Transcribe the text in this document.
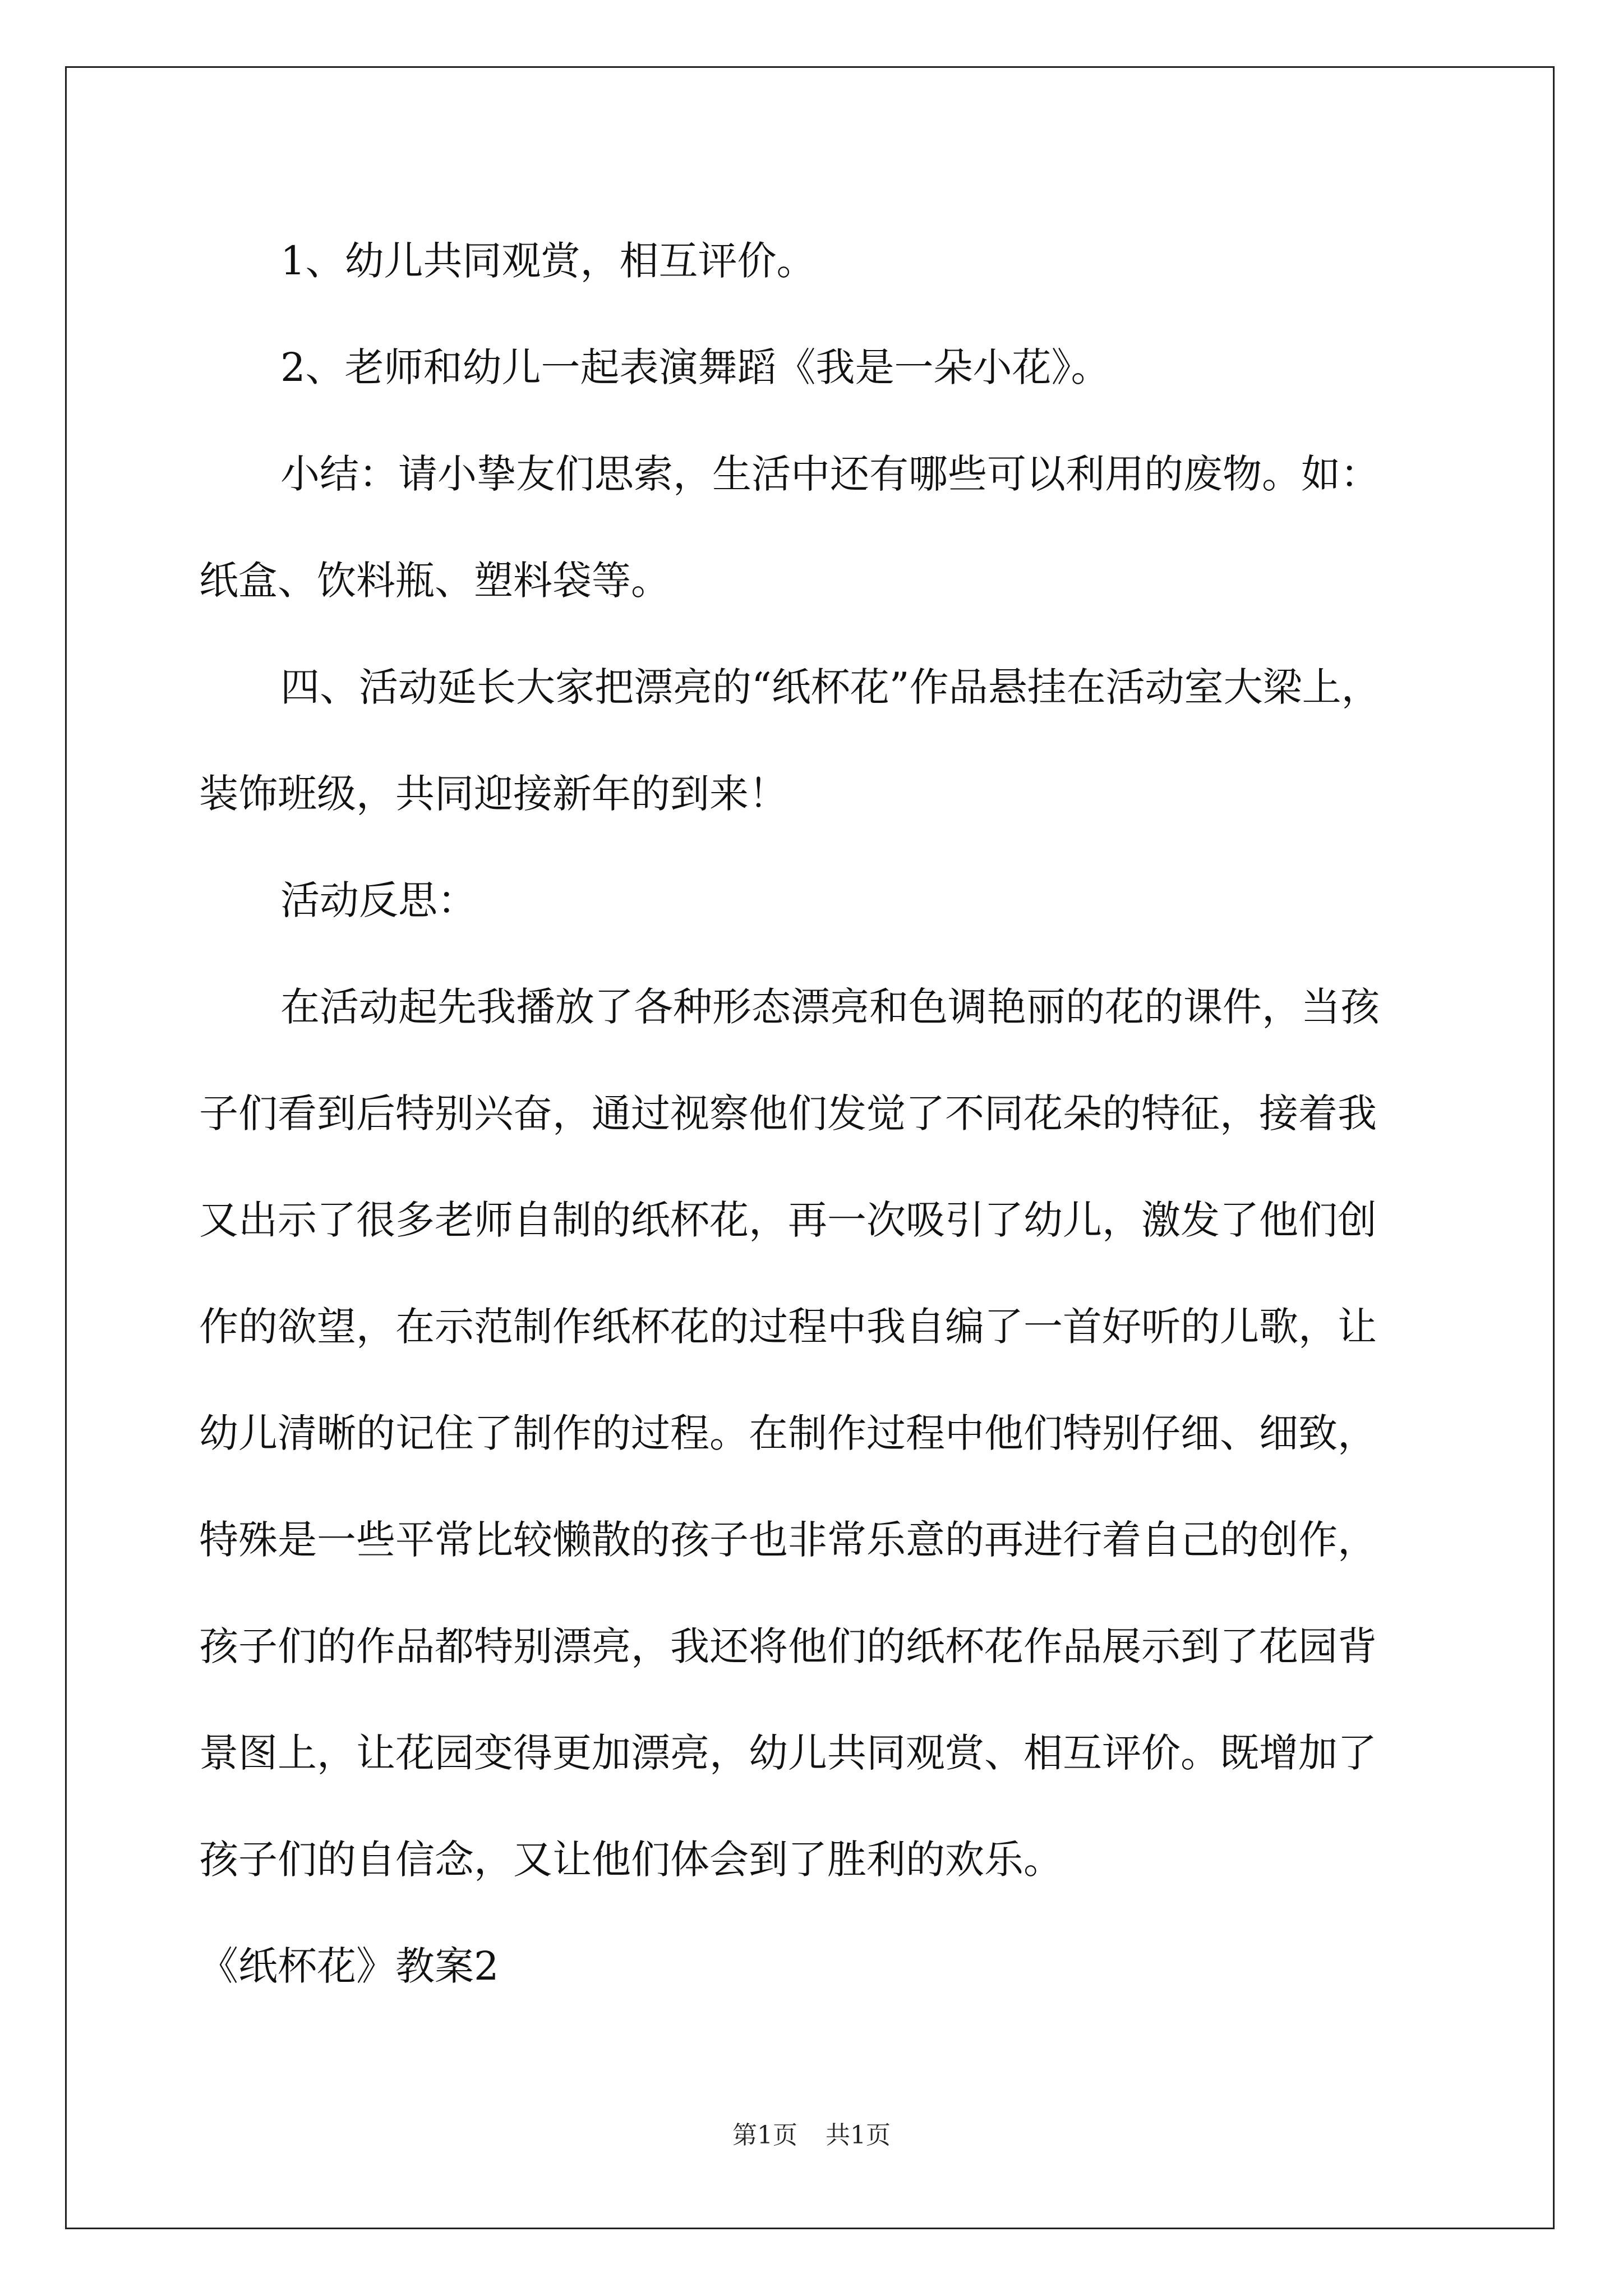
1、幼儿共同观赏，相互评价。
2、老师和幼儿一起表演舞蹈《我是一朵小花》。
小结：请小挚友们思索，生活中还有哪些可以利用的废物。如：
纸盒、饮料瓶、塑料袋等。
四、活动延长大家把漂亮的“纸杯花”作品悬挂在活动室大梁上，
装饰班级，共同迎接新年的到来！
活动反思：
在活动起先我播放了各种形态漂亮和色调艳丽的花的课件，当孩
子们看到后特别兴奋，通过视察他们发觉了不同花朵的特征，接着我
又出示了很多老师自制的纸杯花，再一次吸引了幼儿，激发了他们创
作的欲望，在示范制作纸杯花的过程中我自编了一首好听的儿歌，让
幼儿清晰的记住了制作的过程。在制作过程中他们特别仔细、细致，
特殊是一些平常比较懒散的孩子也非常乐意的再进行着自己的创作，
孩子们的作品都特别漂亮，我还将他们的纸杯花作品展示到了花园背
景图上，让花园变得更加漂亮，幼儿共同观赏、相互评价。既增加了
孩子们的自信念，又让他们体会到了胜利的欢乐。
《纸杯花》教案2
第1页 共1页
